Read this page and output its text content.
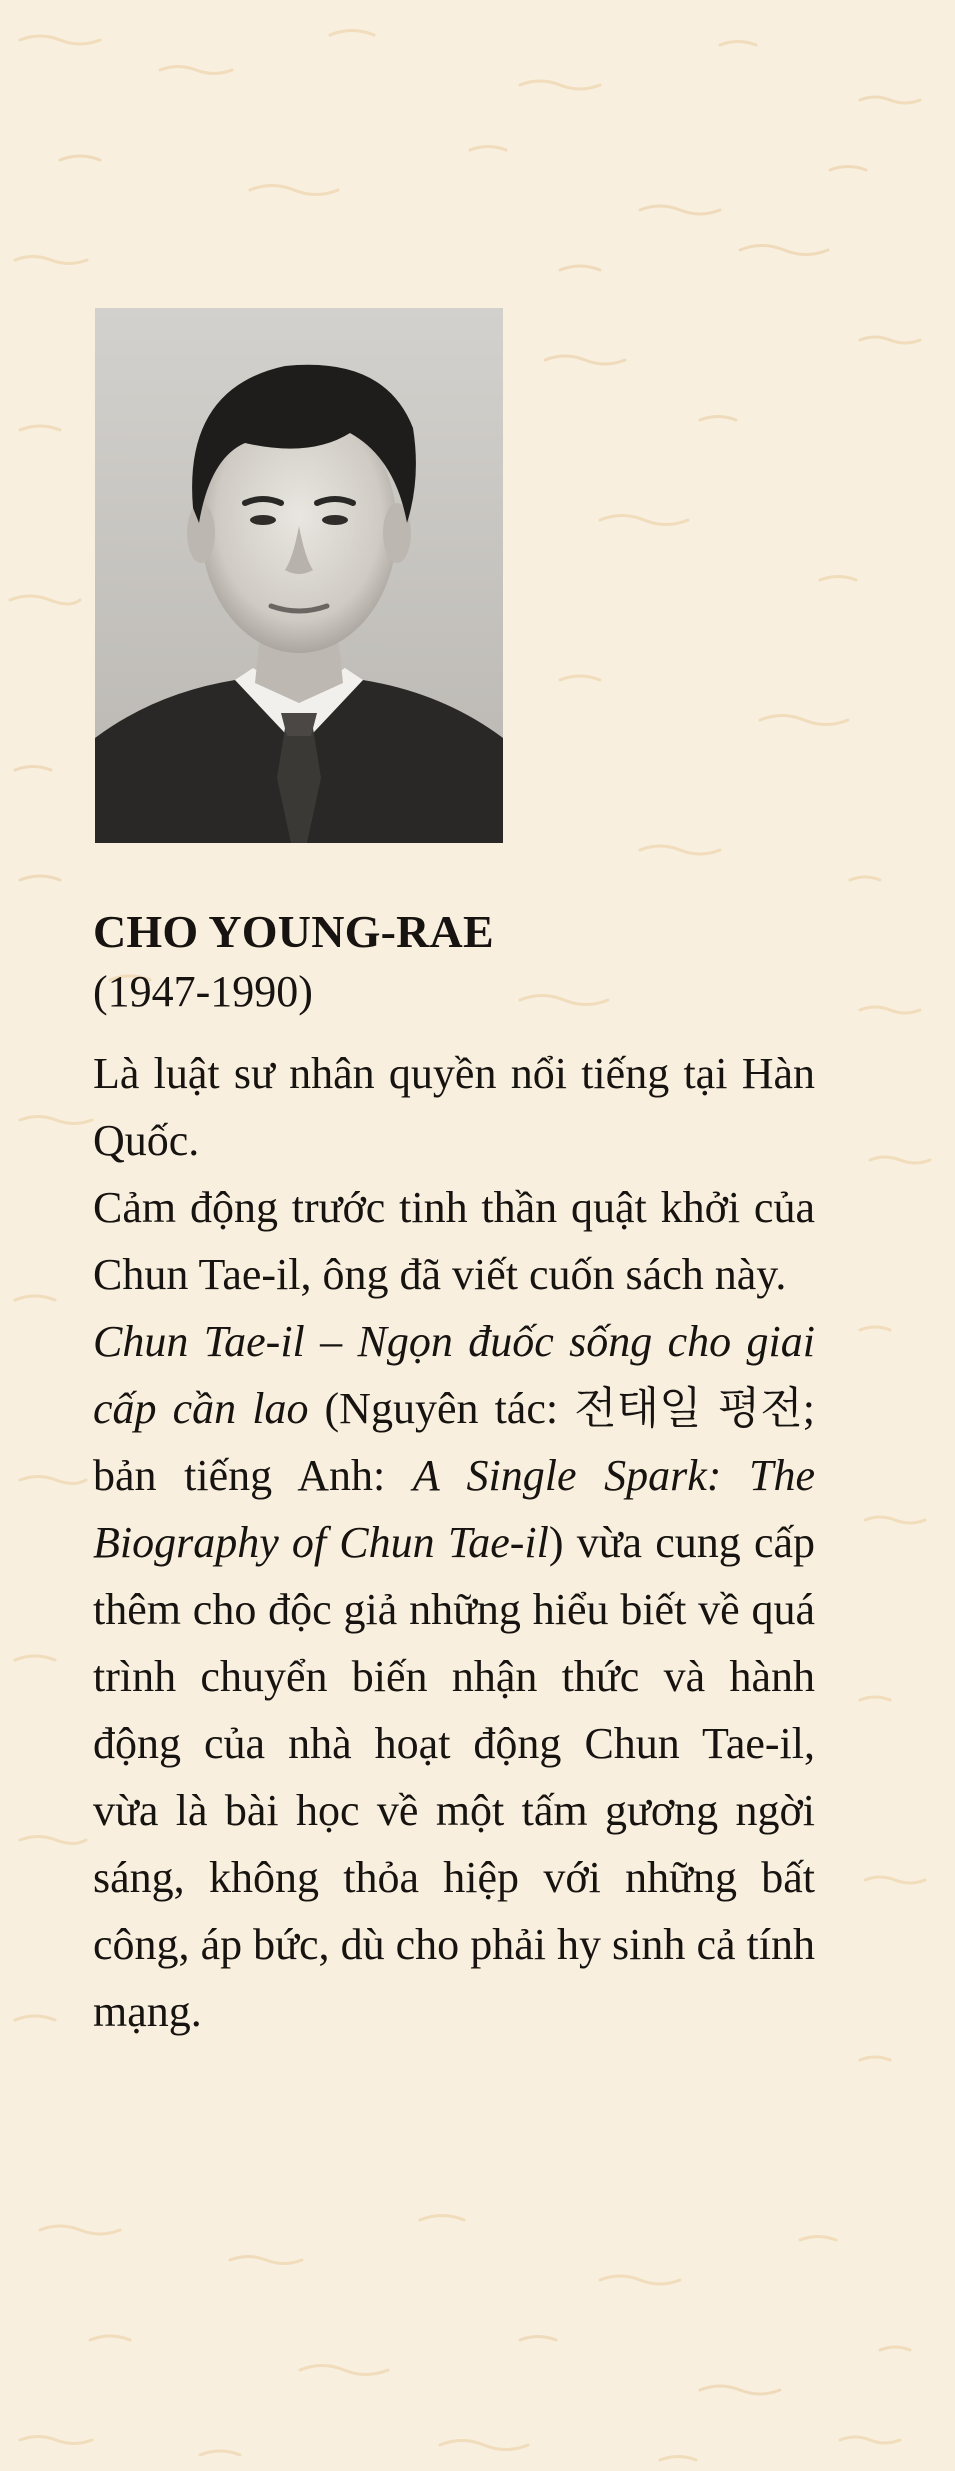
CHO YOUNG-RAE

(1947-1990)

Là luật sư nhân quyền nổi tiếng tại Hàn Quốc.

Cảm động trước tinh thần quật khởi của Chun Tae-il, ông đã viết cuốn sách này.

Chun Tae-il – Ngọn đuốc sống cho giai cấp cần lao (Nguyên tác: 전태일 평전; bản tiếng Anh: A Single Spark: The Biography of Chun Tae-il) vừa cung cấp thêm cho độc giả những hiểu biết về quá trình chuyển biến nhận thức và hành động của nhà hoạt động Chun Tae-il, vừa là bài học về một tấm gương ngời sáng, không thỏa hiệp với những bất công, áp bức, dù cho phải hy sinh cả tính mạng.
